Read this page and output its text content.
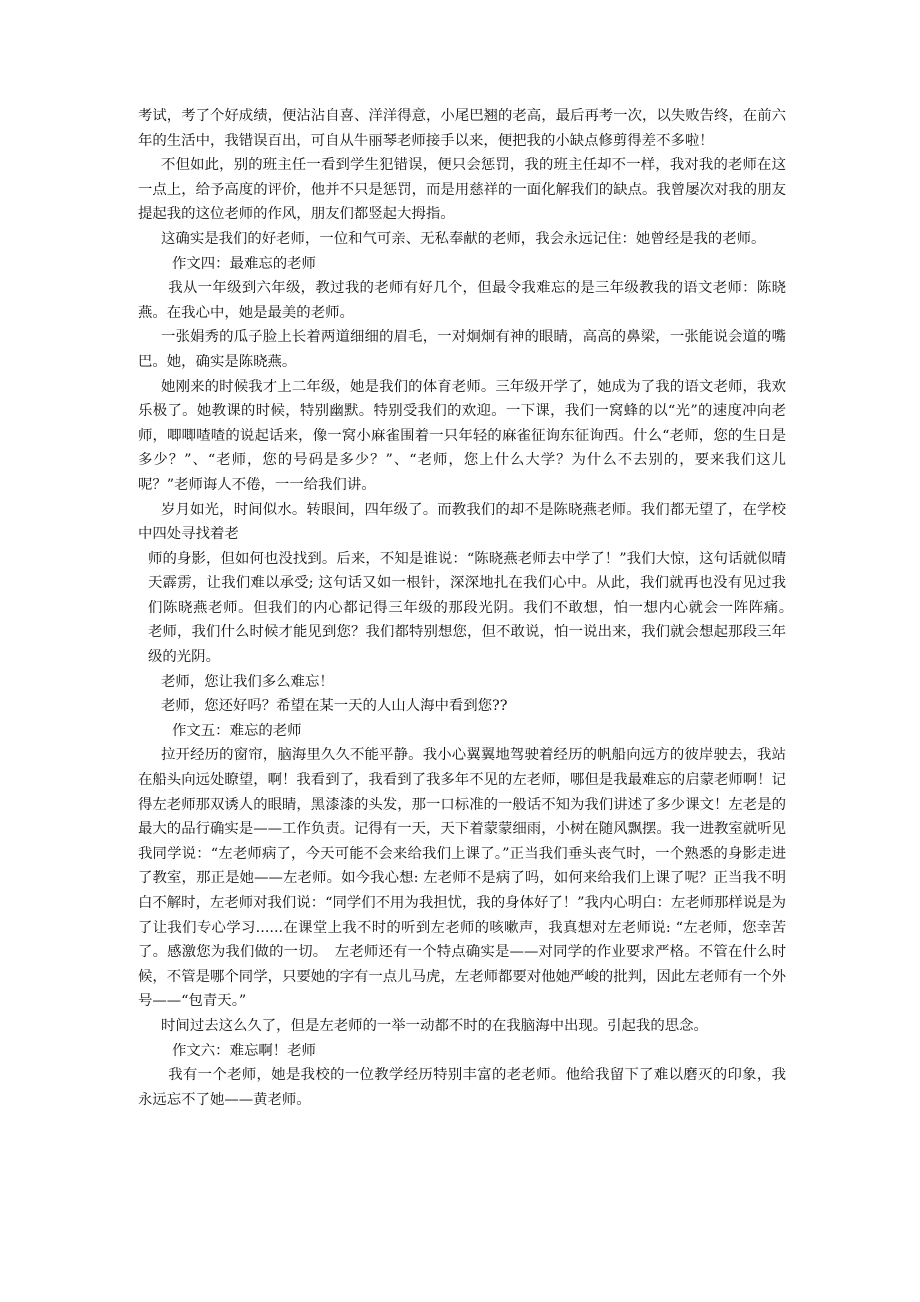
考试，考了个好成绩，便沾沾自喜、洋洋得意，小尾巴翘的老高，最后再考一次，以失败告终，在前六年的生活中，我错误百出，可自从牛丽琴老师接手以来，便把我的小缺点修剪得差不多啦！

不但如此，别的班主任一看到学生犯错误，便只会惩罚，我的班主任却不一样，我对我的老师在这一点上，给予高度的评价，他并不只是惩罚，而是用慈祥的一面化解我们的缺点。我曾屡次对我的朋友提起我的这位老师的作风，朋友们都竖起大拇指。

这确实是我们的好老师，一位和气可亲、无私奉献的老师，我会永远记住：她曾经是我的老师。

作文四：最难忘的老师

我从一年级到六年级，教过我的老师有好几个，但最令我难忘的是三年级教我的语文老师：陈晓燕。在我心中，她是最美的老师。

一张娟秀的瓜子脸上长着两道细细的眉毛，一对炯炯有神的眼睛，高高的鼻梁，一张能说会道的嘴巴。她，确实是陈晓燕。

她刚来的时候我才上二年级，她是我们的体育老师。三年级开学了，她成为了我的语文老师，我欢乐极了。她教课的时候，特别幽默。特别受我们的欢迎。一下课，我们一窝蜂的以“光”的速度冲向老师，唧唧喳喳的说起话来，像一窝小麻雀围着一只年轻的麻雀征询东征询西。什么“老师，您的生日是多少？”、“老师，您的号码是多少？”、“老师，您上什么大学？为什么不去别的，要来我们这儿呢？”老师诲人不倦，一一给我们讲。

岁月如光，时间似水。转眼间，四年级了。而教我们的却不是陈晓燕老师。我们都无望了，在学校中四处寻找着老

师的身影，但如何也没找到。后来，不知是谁说：“陈晓燕老师去中学了！”我们大惊，这句话就似晴天霹雳，让我们难以承受; 这句话又如一根针，深深地扎在我们心中。从此，我们就再也没有见过我们陈晓燕老师。但我们的内心都记得三年级的那段光阴。我们不敢想，怕一想内心就会一阵阵痛。　老师，我们什么时候才能见到您？我们都特别想您，但不敢说，怕一说出来，我们就会想起那段三年级的光阴。

老师，您让我们多么难忘！

老师，您还好吗？希望在某一天的人山人海中看到您??

作文五：难忘的老师

拉开经历的窗帘，脑海里久久不能平静。我小心翼翼地驾驶着经历的帆船向远方的彼岸驶去，我站在船头向远处瞭望，啊！我看到了，我看到了我多年不见的左老师，哪但是我最难忘的启蒙老师啊！记得左老师那双诱人的眼睛，黑漆漆的头发，那一口标准的一般话不知为我们讲述了多少课文！左老是的最大的品行确实是——工作负责。记得有一天，天下着蒙蒙细雨，小树在随风飘摆。我一进教室就听见我同学说：“左老师病了，今天可能不会来给我们上课了。”正当我们垂头丧气时，一个熟悉的身影走进了教室，那正是她——左老师。如今我心想: 左老师不是病了吗，如何来给我们上课了呢？正当我不明白不解时，左老师对我们说：“同学们不用为我担忧，我的身体好了！”我内心明白：左老师那样说是为了让我们专心学习......在课堂上我不时的听到左老师的咳嗽声，我真想对左老师说: “左老师，您幸苦了。感激您为我们做的一切。　左老师还有一个特点确实是——对同学的作业要求严格。不管在什么时候，不管是哪个同学，只要她的字有一点儿马虎，左老师都要对他她严峻的批判，因此左老师有一个外号——“包青天。”

时间过去这么久了，但是左老师的一举一动都不时的在我脑海中出现。引起我的思念。

作文六：难忘啊！老师

我有一个老师，她是我校的一位教学经历特别丰富的老老师。他给我留下了难以磨灭的印象，我永远忘不了她——黄老师。
